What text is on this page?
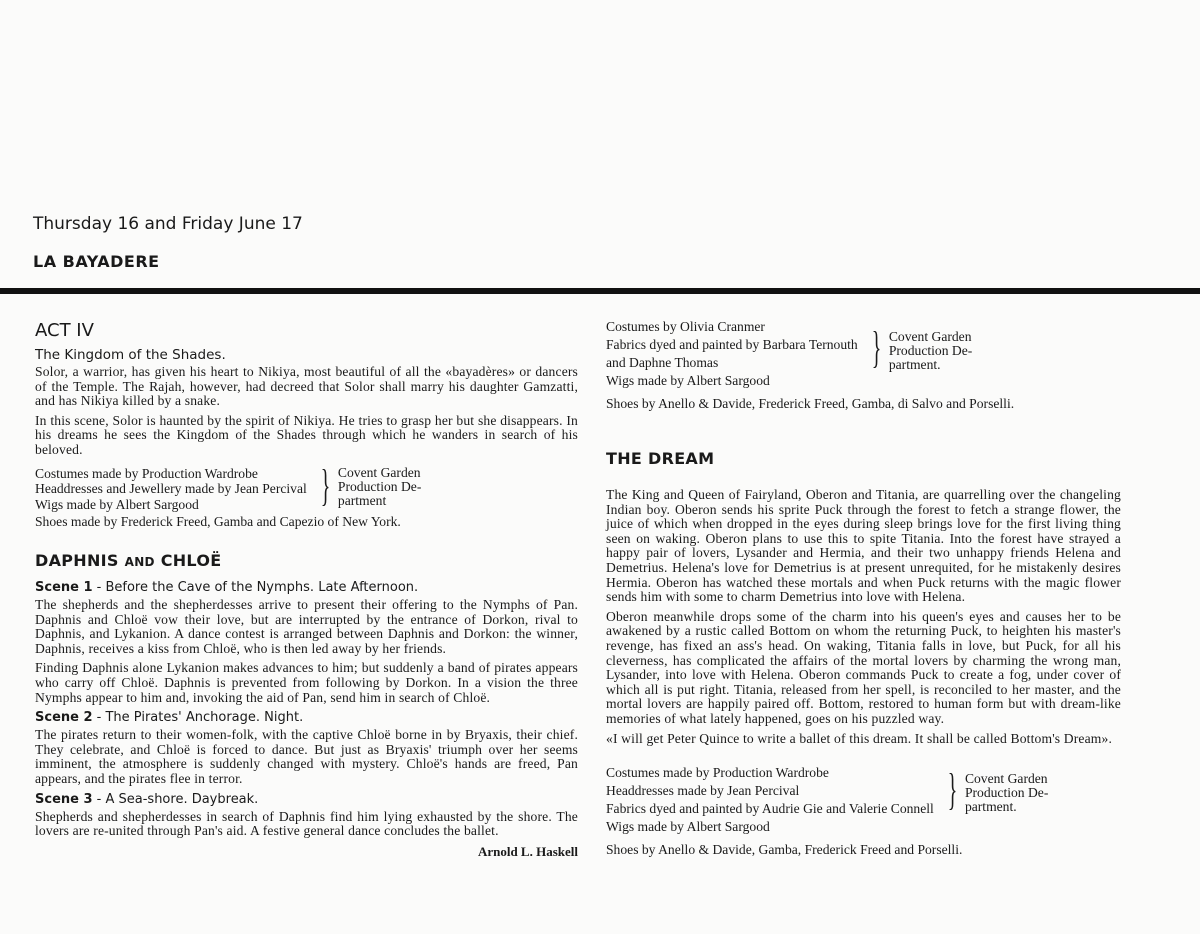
Thursday 16 and Friday June 17
LA BAYADERE
ACT IV
The Kingdom of the Shades.

Solor, a warrior, has given his heart to Nikiya, most beautiful of all the «bayadères» or dancers of the Temple. The Rajah, however, had decreed that Solor shall marry his daughter Gamzatti, and has Nikiya killed by a snake.

In this scene, Solor is haunted by the spirit of Nikiya. He tries to grasp her but she disappears. In his dreams he sees the Kingdom of the Shades through which he wanders in search of his beloved.

Costumes made by Production Wardrobe
Headdresses and Jewellery made by Jean Percival
Wigs made by Albert Sargood	} Covent Garden
Production De-
partment
Shoes made by Frederick Freed, Gamba and Capezio of New York.
DAPHNIS AND CHLOË
Scene 1 - Before the Cave of the Nymphs. Late Afternoon.

The shepherds and the shepherdesses arrive to present their offering to the Nymphs of Pan. Daphnis and Chloë vow their love, but are interrupted by the entrance of Dorkon, rival to Daphnis, and Lykanion. A dance contest is arranged between Daphnis and Dorkon: the winner, Daphnis, receives a kiss from Chloë, who is then led away by her friends.

Finding Daphnis alone Lykanion makes advances to him; but suddenly a band of pirates appears who carry off Chloë. Daphnis is prevented from following by Dorkon. In a vision the three Nymphs appear to him and, invoking the aid of Pan, send him in search of Chloë.

Scene 2 - The Pirates' Anchorage. Night.

The pirates return to their women-folk, with the captive Chloë borne in by Bryaxis, their chief. They celebrate, and Chloë is forced to dance. But just as Bryaxis' triumph over her seems imminent, the atmosphere is suddenly changed with mystery. Chloë's hands are freed, Pan appears, and the pirates flee in terror.

Scene 3 - A Sea-shore. Daybreak.

Shepherds and shepherdesses in search of Daphnis find him lying exhausted by the shore. The lovers are re-united through Pan's aid. A festive general dance concludes the ballet.

Arnold L. Haskell
Costumes by Olivia Cranmer
Fabrics dyed and painted by Barbara Ternouth
and Daphne Thomas
Wigs made by Albert Sargood
} Covent Garden
Production De-
partment.
Shoes by Anello & Davide, Frederick Freed, Gamba, di Salvo and Porselli.
THE DREAM

The King and Queen of Fairyland, Oberon and Titania, are quarrelling over the changeling Indian boy. Oberon sends his sprite Puck through the forest to fetch a strange flower, the juice of which when dropped in the eyes during sleep brings love for the first living thing seen on waking. Oberon plans to use this to spite Titania. Into the forest have strayed a happy pair of lovers, Lysander and Hermia, and their two unhappy friends Helena and Demetrius. Helena's love for Demetrius is at present unrequited, for he mistakenly desires Hermia. Oberon has watched these mortals and when Puck returns with the magic flower sends him with some to charm Demetrius into love with Helena.

Oberon meanwhile drops some of the charm into his queen's eyes and causes her to be awakened by a rustic called Bottom on whom the returning Puck, to heighten his master's revenge, has fixed an ass's head. On waking, Titania falls in love, but Puck, for all his cleverness, has complicated the affairs of the mortal lovers by charming the wrong man, Lysander, into love with Helena. Oberon commands Puck to create a fog, under cover of which all is put right. Titania, released from her spell, is reconciled to her master, and the mortal lovers are happily paired off. Bottom, restored to human form but with dream-like memories of what lately happened, goes on his puzzled way.

«I will get Peter Quince to write a ballet of this dream. It shall be called Bottom's Dream».

Costumes made by Production Wardrobe
Headdresses made by Jean Percival
Fabrics dyed and painted by Audrie Gie and Valerie Connell
Wigs made by Albert Sargood
} Covent Garden
Production De-
partment.
Shoes by Anello & Davide, Gamba, Frederick Freed and Porselli.
